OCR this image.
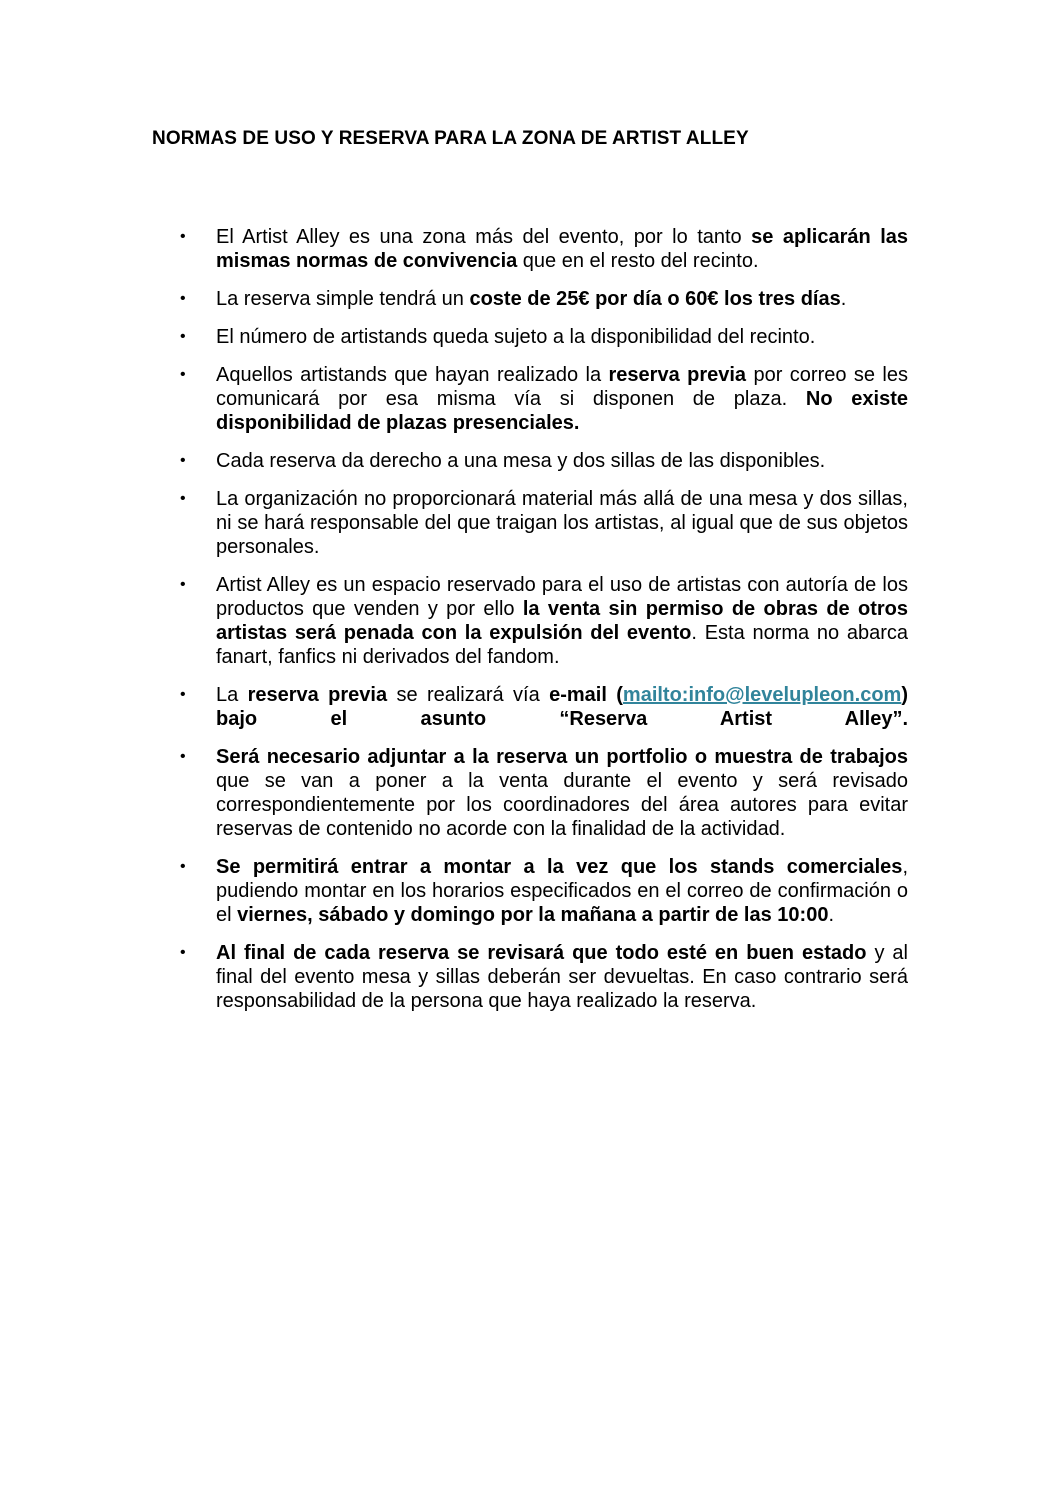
NORMAS DE USO Y RESERVA PARA LA ZONA DE ARTIST ALLEY
•	El Artist Alley es una zona más del evento, por lo tanto se aplicarán las mismas normas de convivencia que en el resto del recinto.
•	La reserva simple tendrá un coste de 25€ por día o 60€ los tres días.
•	El número de artistands queda sujeto a la disponibilidad del recinto.
•	Aquellos artistands que hayan realizado la reserva previa por correo se les comunicará por esa misma vía si disponen de plaza. No existe disponibilidad de plazas presenciales.
•	Cada reserva da derecho a una mesa y dos sillas de las disponibles.
•	La organización no proporcionará material más allá de una mesa y dos sillas, ni se hará responsable del que traigan los artistas, al igual que de sus objetos personales.
•	Artist Alley es un espacio reservado para el uso de artistas con autoría de los productos que venden y por ello la venta sin permiso de obras de otros artistas será penada con la expulsión del evento. Esta norma no abarca fanart, fanfics ni derivados del fandom.
•	La reserva previa se realizará vía e-mail (mailto:info@levelupleon.com) bajo el asunto “Reserva Artist Alley”.
•	Será necesario adjuntar a la reserva un portfolio o muestra de trabajos que se van a poner a la venta durante el evento y será revisado correspondientemente por los coordinadores del área autores para evitar reservas de contenido no acorde con la finalidad de la actividad.
•	Se permitirá entrar a montar a la vez que los stands comerciales, pudiendo montar en los horarios especificados en el correo de confirmación o el viernes, sábado y domingo por la mañana a partir de las 10:00.
•	Al final de cada reserva se revisará que todo esté en buen estado y al final del evento mesa y sillas deberán ser devueltas. En caso contrario será responsabilidad de la persona que haya realizado la reserva.
